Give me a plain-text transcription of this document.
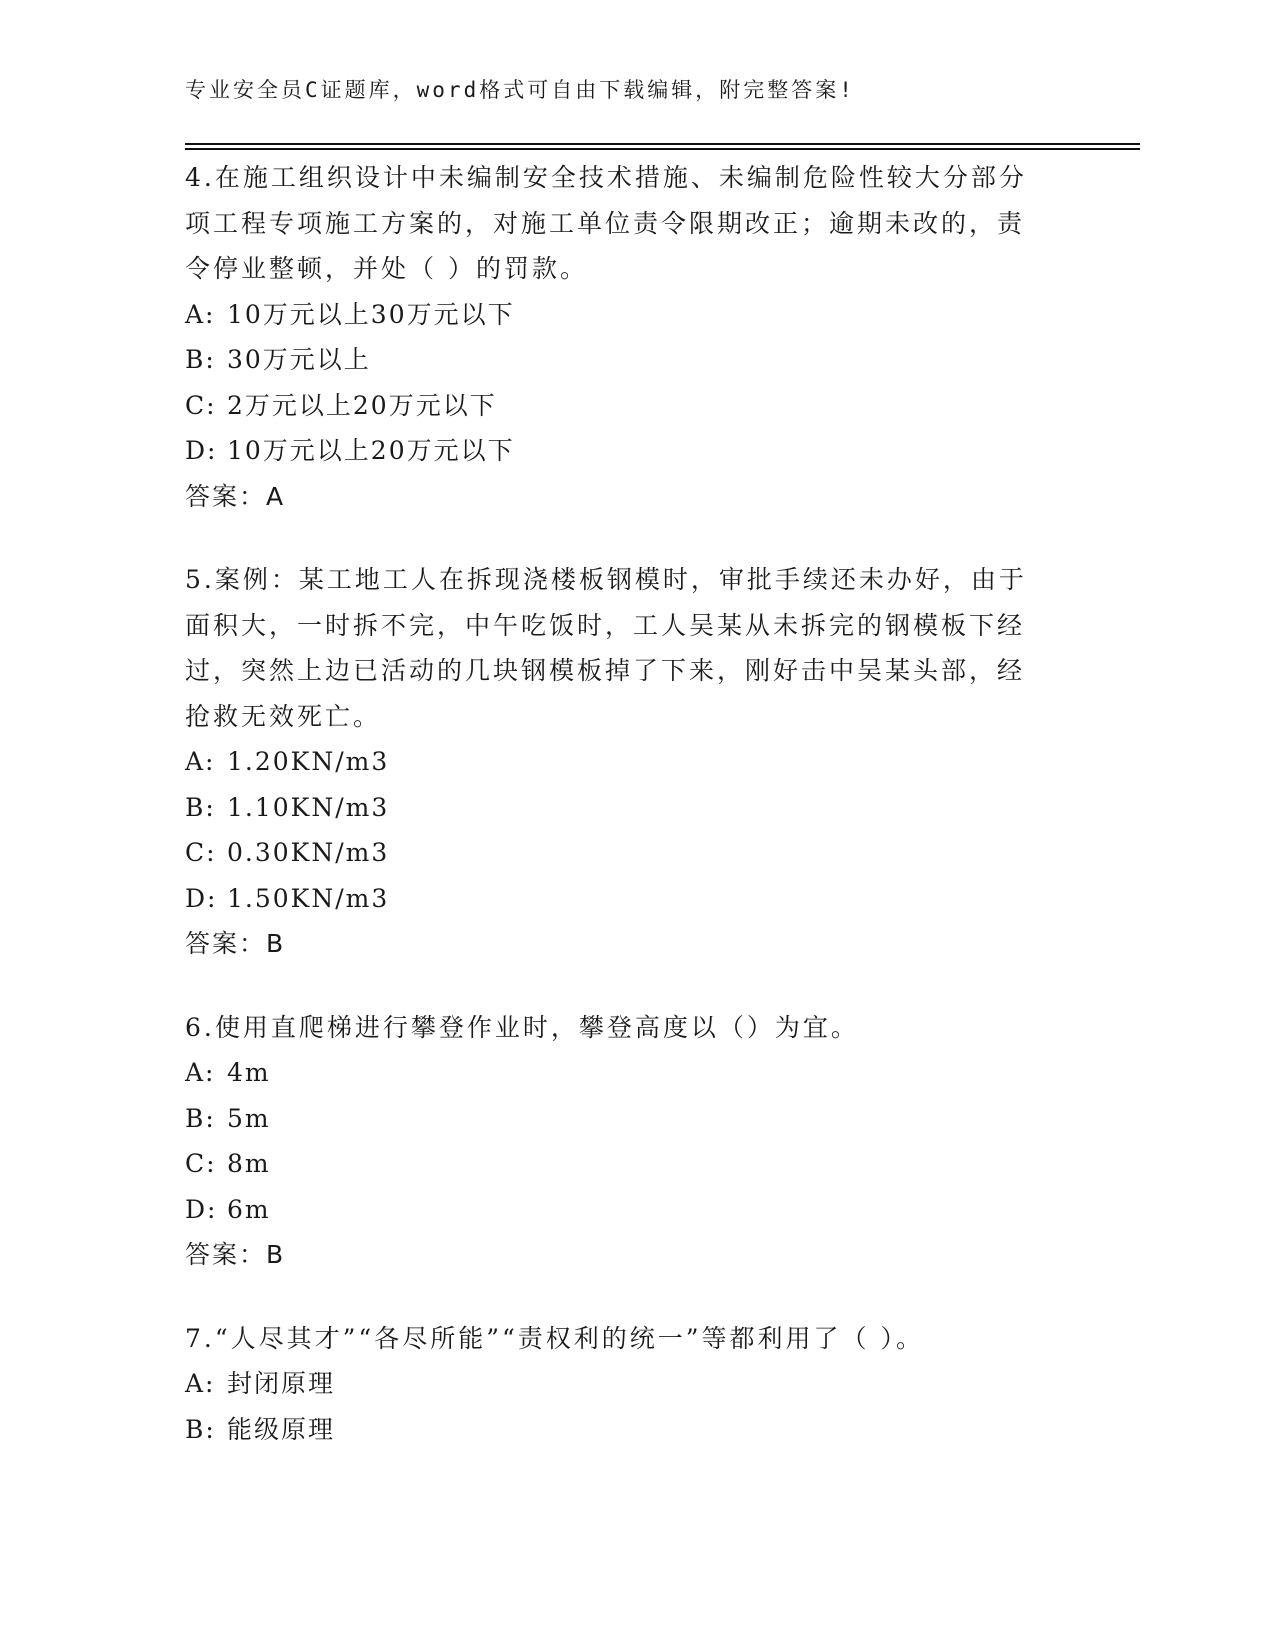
专业安全员C证题库，word格式可自由下载编辑，附完整答案!
4.在施工组织设计中未编制安全技术措施、未编制危险性较大分部分项工程专项施工方案的，对施工单位责令限期改正；逾期未改的，责令停业整顿，并处（ ）的罚款。
A: 10万元以上30万元以下
B: 30万元以上
C: 2万元以上20万元以下
D: 10万元以上20万元以下
答案：A
5.案例：某工地工人在拆现浇楼板钢模时，审批手续还未办好，由于面积大，一时拆不完，中午吃饭时，工人吴某从未拆完的钢模板下经过，突然上边已活动的几块钢模板掉了下来，刚好击中吴某头部，经抢救无效死亡。
A: 1.20KN/m3
B: 1.10KN/m3
C: 0.30KN/m3
D: 1.50KN/m3
答案：B
6.使用直爬梯进行攀登作业时，攀登高度以（）为宜。
A: 4m
B: 5m
C: 8m
D: 6m
答案：B
7.“人尽其才”“各尽所能”“责权利的统一”等都利用了（ ）。
A: 封闭原理
B: 能级原理
